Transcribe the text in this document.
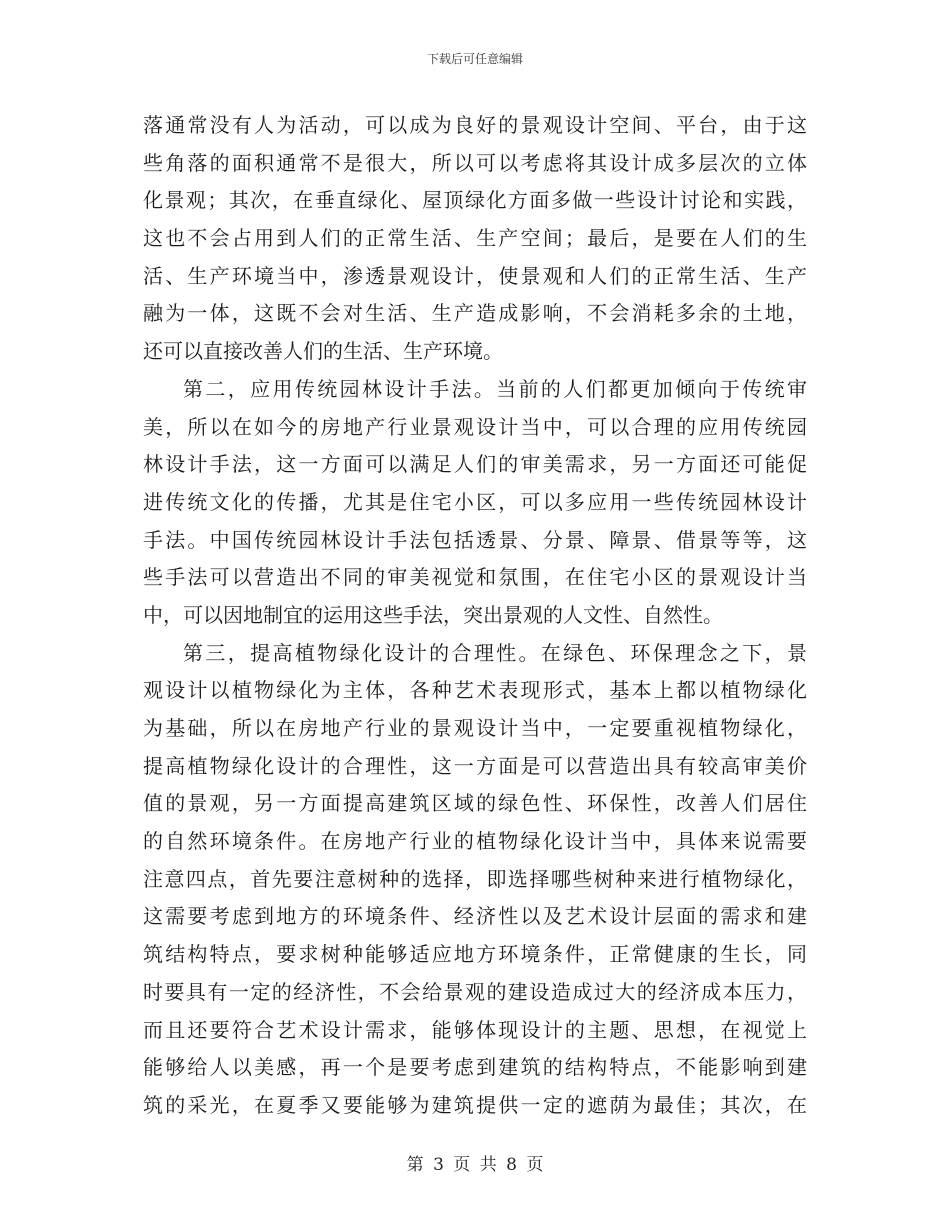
下载后可任意编辑
落通常没有人为活动，可以成为良好的景观设计空间、平台，由于这
些角落的面积通常不是很大，所以可以考虑将其设计成多层次的立体
化景观；其次，在垂直绿化、屋顶绿化方面多做一些设计讨论和实践，
这也不会占用到人们的正常生活、生产空间；最后，是要在人们的生
活、生产环境当中，渗透景观设计，使景观和人们的正常生活、生产
融为一体，这既不会对生活、生产造成影响，不会消耗多余的土地，
还可以直接改善人们的生活、生产环境。
第二，应用传统园林设计手法。当前的人们都更加倾向于传统审
美，所以在如今的房地产行业景观设计当中，可以合理的应用传统园
林设计手法，这一方面可以满足人们的审美需求，另一方面还可能促
进传统文化的传播，尤其是住宅小区，可以多应用一些传统园林设计
手法。中国传统园林设计手法包括透景、分景、障景、借景等等，这
些手法可以营造出不同的审美视觉和氛围，在住宅小区的景观设计当
中，可以因地制宜的运用这些手法，突出景观的人文性、自然性。
第三，提高植物绿化设计的合理性。在绿色、环保理念之下，景
观设计以植物绿化为主体，各种艺术表现形式，基本上都以植物绿化
为基础，所以在房地产行业的景观设计当中，一定要重视植物绿化，
提高植物绿化设计的合理性，这一方面是可以营造出具有较高审美价
值的景观，另一方面提高建筑区域的绿色性、环保性，改善人们居住
的自然环境条件。在房地产行业的植物绿化设计当中，具体来说需要
注意四点，首先要注意树种的选择，即选择哪些树种来进行植物绿化，
这需要考虑到地方的环境条件、经济性以及艺术设计层面的需求和建
筑结构特点，要求树种能够适应地方环境条件，正常健康的生长，同
时要具有一定的经济性，不会给景观的建设造成过大的经济成本压力，
而且还要符合艺术设计需求，能够体现设计的主题、思想，在视觉上
能够给人以美感，再一个是要考虑到建筑的结构特点，不能影响到建
筑的采光，在夏季又要能够为建筑提供一定的遮荫为最佳；其次，在
第 3 页 共 8 页
